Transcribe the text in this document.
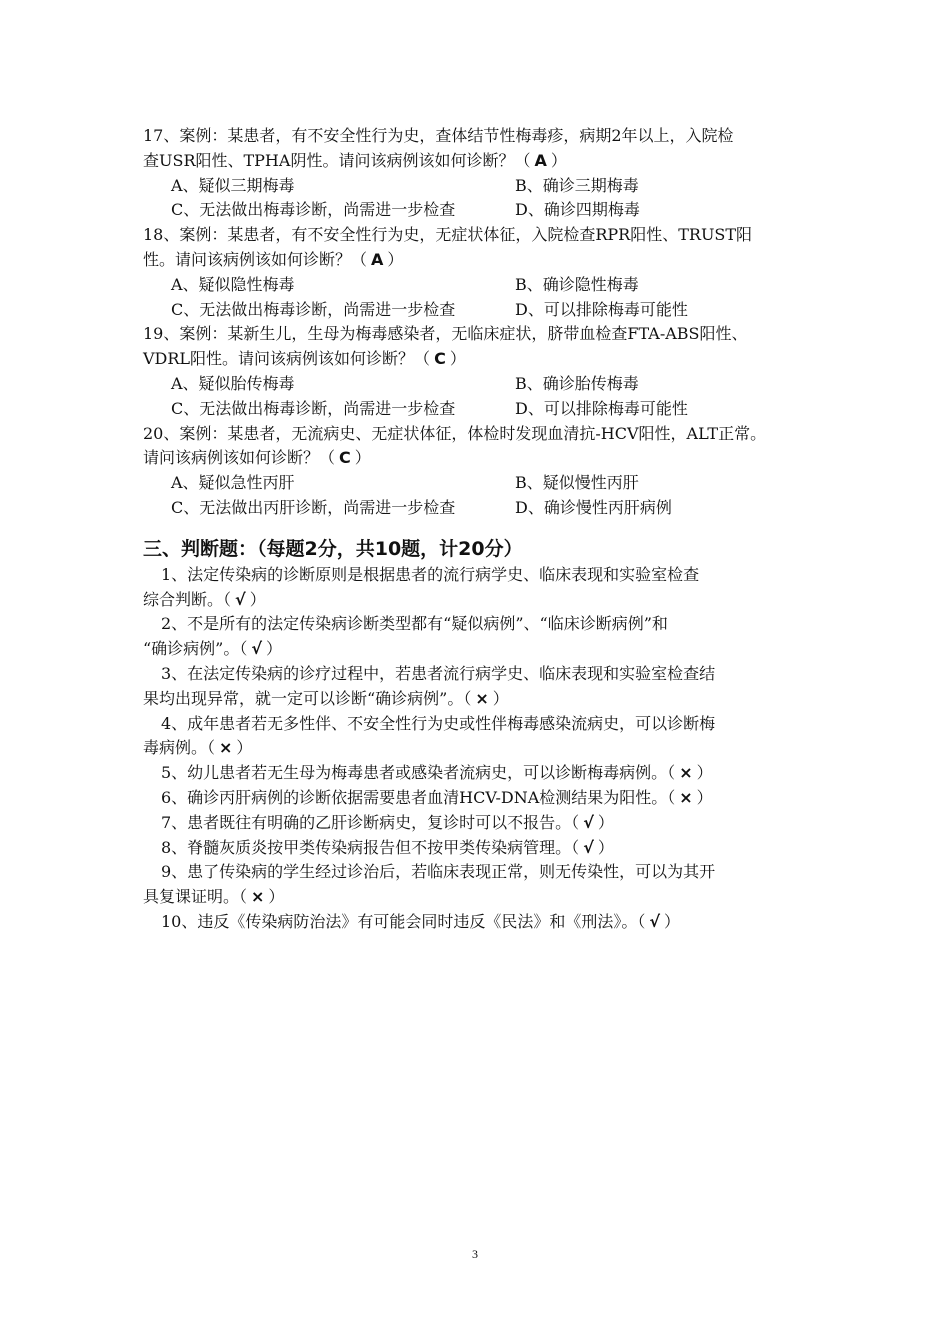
17、案例：某患者，有不安全性行为史，查体结节性梅毒疹，病期2年以上，入院检
查USR阳性、TPHA阴性。请问该病例该如何诊断？（ A ）
A、疑似三期梅毒	B、确诊三期梅毒
C、无法做出梅毒诊断，尚需进一步检查	D、确诊四期梅毒
18、案例：某患者，有不安全性行为史，无症状体征，入院检查RPR阳性、TRUST阳
性。请问该病例该如何诊断？（ A ）
A、疑似隐性梅毒	B、确诊隐性梅毒
C、无法做出梅毒诊断，尚需进一步检查	D、可以排除梅毒可能性
19、案例：某新生儿，生母为梅毒感染者，无临床症状，脐带血检查FTA-ABS阳性、
VDRL阳性。请问该病例该如何诊断？（ C ）
A、疑似胎传梅毒	B、确诊胎传梅毒
C、无法做出梅毒诊断，尚需进一步检查	D、可以排除梅毒可能性
20、案例：某患者，无流病史、无症状体征，体检时发现血清抗-HCV阳性，ALT正常。
请问该病例该如何诊断？（ C ）
A、疑似急性丙肝	B、疑似慢性丙肝
C、无法做出丙肝诊断，尚需进一步检查	D、确诊慢性丙肝病例
三、判断题：（每题2分，共10题，计20分）
1、法定传染病的诊断原则是根据患者的流行病学史、临床表现和实验室检查
综合判断。（ √ ）
2、不是所有的法定传染病诊断类型都有“疑似病例”、“临床诊断病例”和
“确诊病例”。（ √ ）
3、在法定传染病的诊疗过程中，若患者流行病学史、临床表现和实验室检查结
果均出现异常，就一定可以诊断“确诊病例”。（ × ）
4、成年患者若无多性伴、不安全性行为史或性伴梅毒感染流病史，可以诊断梅
毒病例。（ × ）
5、幼儿患者若无生母为梅毒患者或感染者流病史，可以诊断梅毒病例。（ × ）
6、确诊丙肝病例的诊断依据需要患者血清HCV-DNA检测结果为阳性。（ × ）
7、患者既往有明确的乙肝诊断病史，复诊时可以不报告。（ √ ）
8、脊髓灰质炎按甲类传染病报告但不按甲类传染病管理。（ √ ）
9、患了传染病的学生经过诊治后，若临床表现正常，则无传染性，可以为其开
具复课证明。（ × ）
10、违反《传染病防治法》有可能会同时违反《民法》和《刑法》。（ √ ）
3
